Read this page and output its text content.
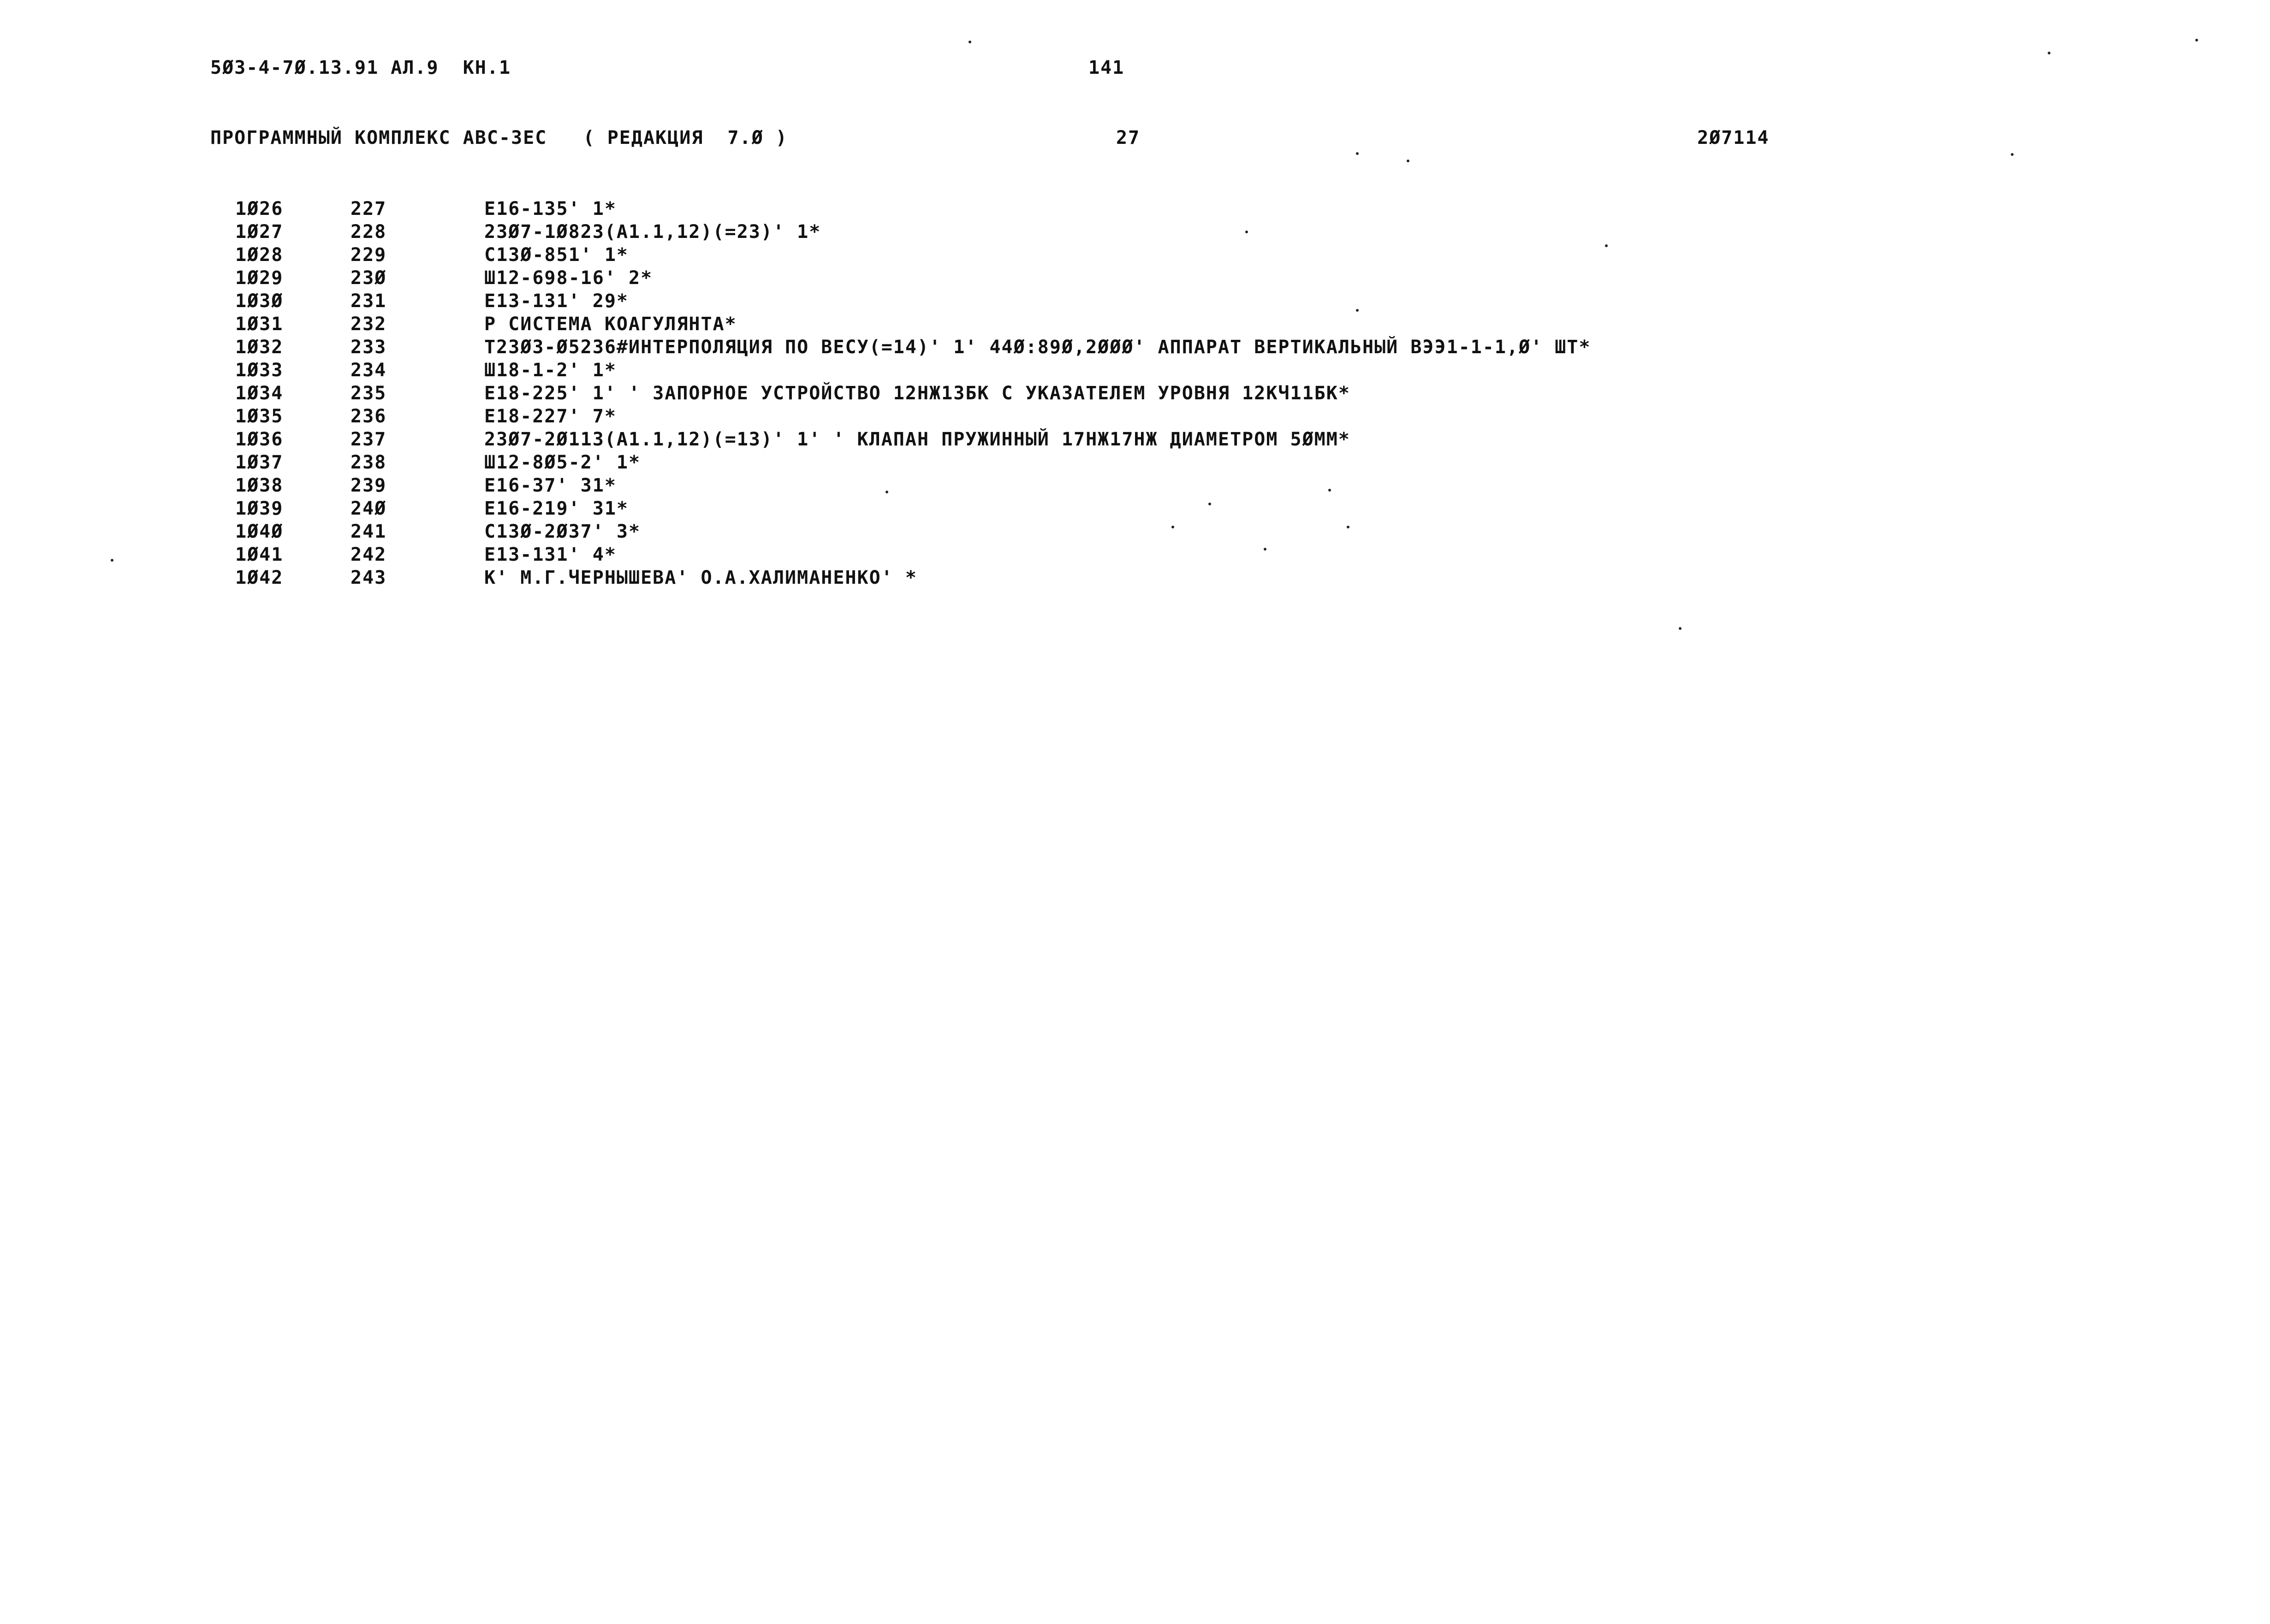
5Ø3-4-7Ø.13.91 АЛ.9  КН.1	141
ПРОГРАММНЫЙ КОМПЛЕКС АВС-3ЕС   ( РЕДАКЦИЯ  7.Ø )	27	2Ø7114
1Ø26	227	Е16-135' 1*
1Ø27	228	23Ø7-1Ø823(А1.1,12)(=23)' 1*
1Ø28	229	С13Ø-851' 1*
1Ø29	23Ø	Ш12-698-16' 2*
1Ø3Ø	231	Е13-131' 29*
1Ø31	232	Р СИСТЕМА КОАГУЛЯНТА*
1Ø32	233	Т23Ø3-Ø5236#ИНТЕРПОЛЯЦИЯ ПО ВЕСУ(=14)' 1' 44Ø:89Ø,2ØØØ' АППАРАТ ВЕРТИКАЛЬНЫЙ ВЭЭ1-1-1,Ø' ШТ*
1Ø33	234	Ш18-1-2' 1*
1Ø34	235	Е18-225' 1' ' ЗАПОРНОЕ УСТРОЙСТВО 12НЖ13БК С УКАЗАТЕЛЕМ УРОВНЯ 12КЧ11БК*
1Ø35	236	Е18-227' 7*
1Ø36	237	23Ø7-2Ø113(А1.1,12)(=13)' 1' ' КЛАПАН ПРУЖИННЫЙ 17НЖ17НЖ ДИАМЕТРОМ 5ØММ*
1Ø37	238	Ш12-8Ø5-2' 1*
1Ø38	239	Е16-37' 31*
1Ø39	24Ø	Е16-219' 31*
1Ø4Ø	241	С13Ø-2Ø37' 3*
1Ø41	242	Е13-131' 4*
1Ø42	243	К' М.Г.ЧЕРНЫШЕВА' О.А.ХАЛИМАНЕНКО' *
